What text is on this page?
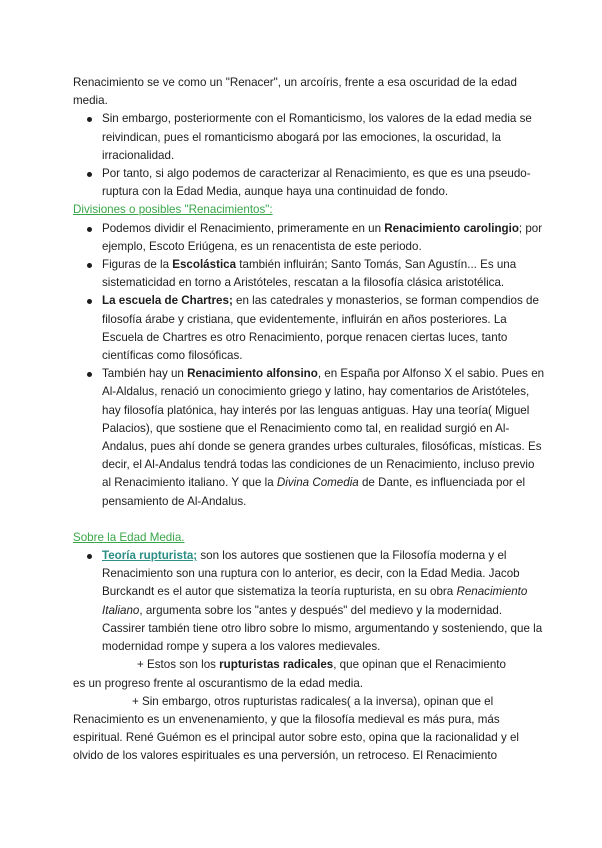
Renacimiento se ve como un "Renacer", un arcoíris, frente a esa oscuridad de la edad media.

Sin embargo, posteriormente con el Romanticismo, los valores de la edad media se reivindican, pues el romanticismo abogará por las emociones, la oscuridad, la irracionalidad.
Por tanto, si algo podemos de caracterizar al Renacimiento, es que es una pseudo-ruptura con la Edad Media, aunque haya una continuidad de fondo.

Divisiones o posibles "Renacimientos":

Podemos dividir el Renacimiento, primeramente en un Renacimiento carolingio; por ejemplo, Escoto Eriúgena, es un renacentista de este periodo.
Figuras de la Escolástica también influirán; Santo Tomás, San Agustín... Es una sistematicidad en torno a Aristóteles, rescatan a la filosofía clásica aristotélica.
La escuela de Chartres; en las catedrales y monasterios, se forman compendios de filosofía árabe y cristiana, que evidentemente, influirán en años posteriores. La Escuela de Chartres es otro Renacimiento, porque renacen ciertas luces, tanto científicas como filosóficas.
También hay un Renacimiento alfonsino, en España por Alfonso X el sabio. Pues en Al-Aldalus, renació un conocimiento griego y latino, hay comentarios de Aristóteles, hay filosofía platónica, hay interés por las lenguas antiguas. Hay una teoría( Miguel Palacios), que sostiene que el Renacimiento como tal, en realidad surgió en Al-Andalus, pues ahí donde se genera grandes urbes culturales, filosóficas, místicas. Es decir, el Al-Andalus tendrá todas las condiciones de un Renacimiento, incluso previo al Renacimiento italiano. Y que la Divina Comedia de Dante, es influenciada por el pensamiento de Al-Andalus.

Sobre la Edad Media.

Teoría rupturista; son los autores que sostienen que la Filosofía moderna y el Renacimiento son una ruptura con lo anterior, es decir, con la Edad Media. Jacob Burckandt es el autor que sistematiza la teoría rupturista, en su obra Renacimiento Italiano, argumenta sobre los "antes y después" del medievo y la modernidad. Cassirer también tiene otro libro sobre lo mismo, argumentando y sosteniendo, que la modernidad rompe y supera a los valores medievales.

+ Estos son los rupturistas radicales, que opinan que el Renacimiento

es un progreso frente al oscurantismo de la edad media.

+ Sin embargo, otros rupturistas radicales( a la inversa), opinan que el

Renacimiento es un envenenamiento, y que la filosofía medieval es más pura, más espiritual. René Guémon es el principal autor sobre esto, opina que la racionalidad y el olvido de los valores espirituales es una perversión, un retroceso. El Renacimiento
